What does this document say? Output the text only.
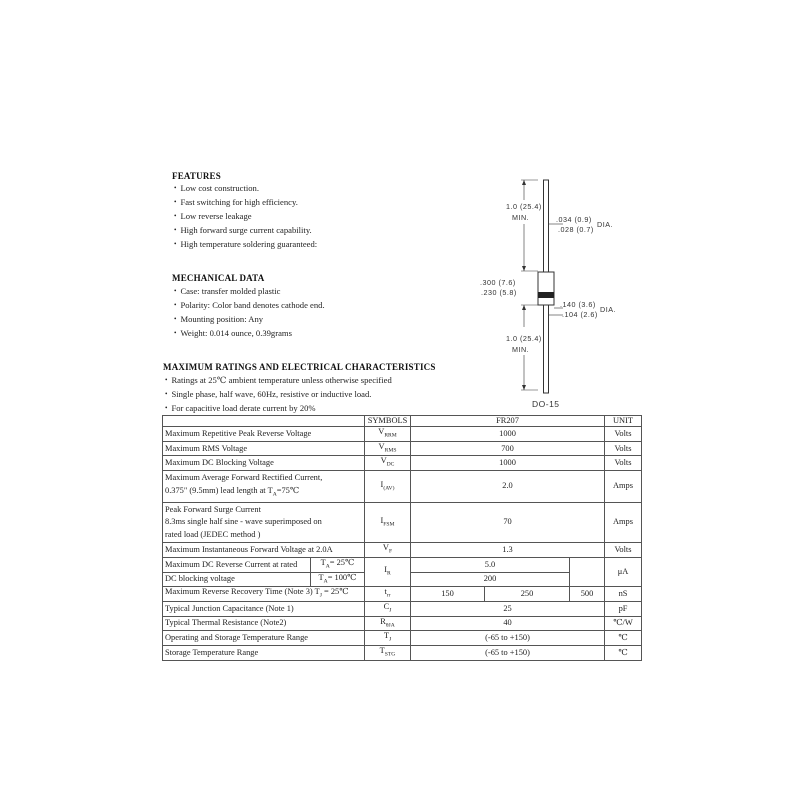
FEATURES
• Low cost construction.
• Fast switching for high efficiency.
• Low reverse leakage
• High forward surge current capability.
• High temperature soldering guaranteed:
MECHANICAL DATA
• Case: transfer molded plastic
• Polarity: Color band denotes cathode end.
• Mounting position: Any
• Weight: 0.014 ounce, 0.39grams
MAXIMUM RATINGS AND ELECTRICAL CHARACTERISTICS
• Ratings at 25℃ ambient temperature unless otherwise specified
• Single phase, half wave, 60Hz, resistive or inductive load.
• For capacitive load derate current by 20%
1.0 (25.4)
MIN.	.034 (0.9)
.028 (0.7)
DIA.
.300 (7.6)
.230 (5.8)
.140 (3.6)
.104 (2.6)
DIA.
1.0 (25.4)
MIN.
DO-15
		SYMBOLS	FR207			UNIT
Maximum Repetitive Peak Reverse Voltage		$V_{RRM}$	1000			Volts
Maximum RMS Voltage		$V_{RMS}$	700			Volts
Maximum DC Blocking Voltage		$V_{DC}$	1000			Volts

Maximum Average Forward Rectified Current,
0.375" (9.5mm) lead length at $T_A=75℃$		$I_{(AV)}$	2.0			Amps

Peak Forward Surge Current
8.3ms single half sine - wave superimposed on
rated load (JEDEC method )		$I_{FSM}$	70			Amps
Maximum Instantaneous Forward Voltage at 2.0A		$V_F$	1.3			Volts
Maximum DC Reverse Current at rated	$T_A=$ 25℃	$I_R$	5.0			μA
DC blocking voltage	$T_A=$ 100℃		200			
Maximum Reverse Recovery Time (Note 3) $T_J$ = 25℃		$t_{rr}$	150	250	500	nS
Typical Junction Capacitance (Note 1)		$C_J$	25			pF
Typical Thermal Resistance (Note2)		$R_{\theta JA}$	40			℃/W
Operating and Storage Temperature Range		$T_J$	(-65 to +150)			℃
Storage Temperature Range		$T_{STG}$	(-65 to +150)			℃
